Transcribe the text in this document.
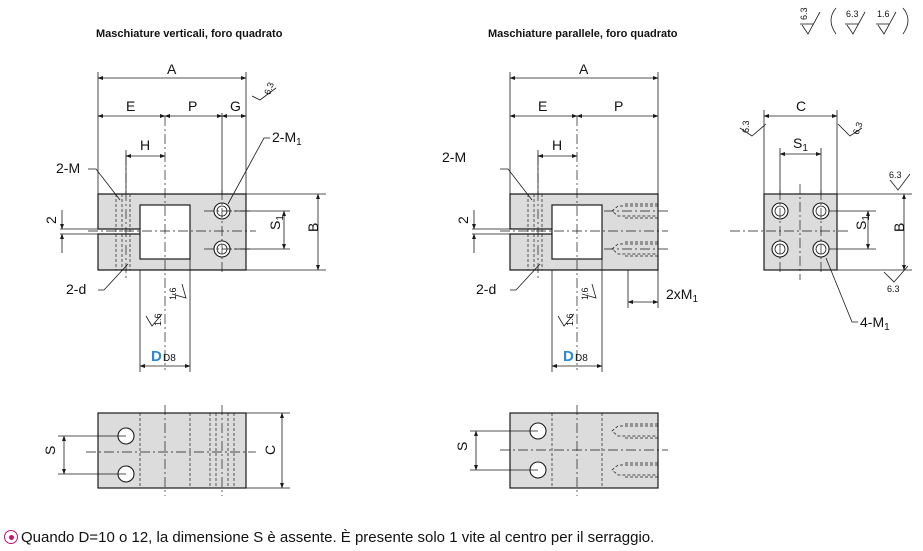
Maschiature verticali, foro quadrato	Maschiature parallele, foro quadrato
6.3	6.3 1.6
A
E	P G
H
B
$S_1$
2
D D8
2-M
$2-M_1$
2-d
6.3
1.6
1.6
S	C
A
E	P
H
2
D D8
$2xM_1$
2-M
2-d	1.6
1.6
S
C
$S_1$
B
$S_1$
$4-M_1$
6.3	6.3
6.3
6.3
Quando D=10 o 12, la dimensione S è assente. È presente solo 1 vite al centro per il serraggio.
